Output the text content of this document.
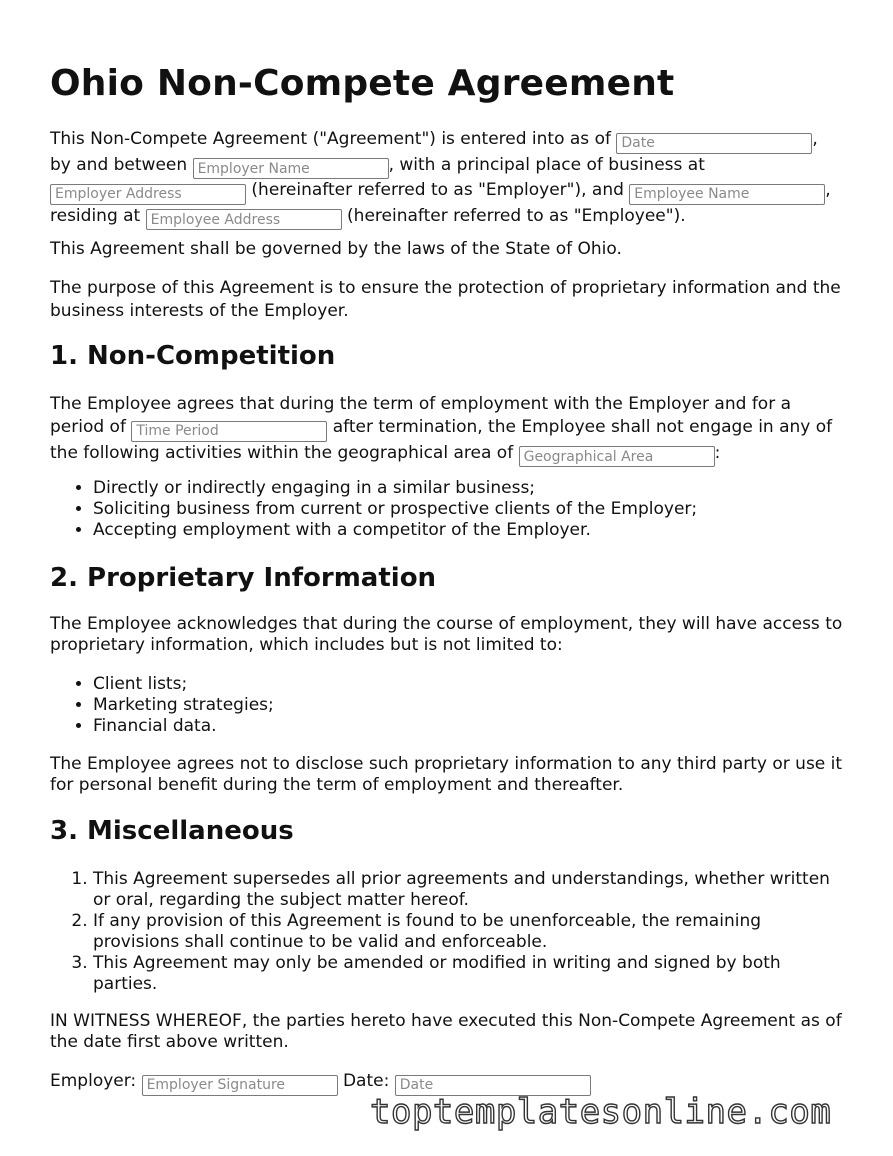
Ohio Non-Compete Agreement
This Non-Compete Agreement ("Agreement") is entered into as of Date	,
by and between Employer Name	, with a principal place of business at
Employer Address (hereinafter referred to as "Employer"), and Employee Name	,
residing at Employee Address	(hereinafter referred to as "Employee").

This Agreement shall be governed by the laws of the State of Ohio.

The purpose of this Agreement is to ensure the protection of proprietary information and the business interests of the Employer.

1. Non-Competition
The Employee agrees that during the term of employment with the Employer and for a period of Time Period	after termination, the Employee shall not engage in any of the following activities within the geographical area of Geographical Area	:
• Directly or indirectly engaging in a similar business;
• Soliciting business from current or prospective clients of the Employer;
• Accepting employment with a competitor of the Employer.
2. Proprietary Information

The Employee acknowledges that during the course of employment, they will have access to proprietary information, which includes but is not limited to:

• Client lists;
• Marketing strategies;
• Financial data.

The Employee agrees not to disclose such proprietary information to any third party or use it for personal benefit during the term of employment and thereafter.

3. Miscellaneous
1. This Agreement supersedes all prior agreements and understandings, whether written or oral, regarding the subject matter hereof.
2. If any provision of this Agreement is found to be unenforceable, the remaining provisions shall continue to be valid and enforceable.
3. This Agreement may only be amended or modified in writing and signed by both parties.

IN WITNESS WHEREOF, the parties hereto have executed this Non-Compete Agreement as of the date first above written.

Employer: Employer Signature	Date: Date
toptemplatesonline.com
